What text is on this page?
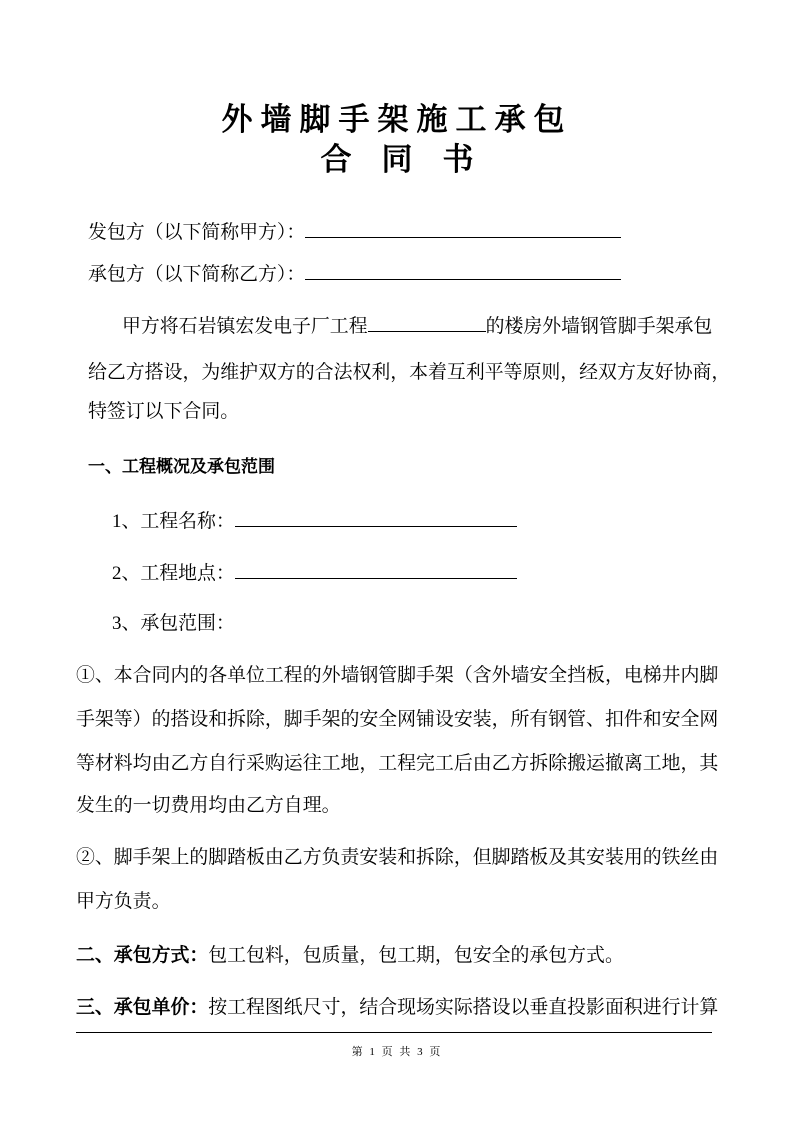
外墙脚手架施工承包
合同书
发包方（以下简称甲方）：
承包方（以下简称乙方）：
甲方将石岩镇宏发电子厂工程	的楼房外墙钢管脚手架承包
给乙方搭设，为维护双方的合法权利，本着互利平等原则，经双方友好协商，
特签订以下合同。
一、工程概况及承包范围
1、工程名称：
2、工程地点：
3、承包范围：
①、本合同内的各单位工程的外墙钢管脚手架（含外墙安全挡板，电梯井内脚
手架等）的搭设和拆除，脚手架的安全网铺设安装，所有钢管、扣件和安全网
等材料均由乙方自行采购运往工地，工程完工后由乙方拆除搬运撤离工地，其
发生的一切费用均由乙方自理。
②、脚手架上的脚踏板由乙方负责安装和拆除，但脚踏板及其安装用的铁丝由
甲方负责。
二、承包方式：包工包料，包质量，包工期，包安全的承包方式。
三、承包单价：按工程图纸尺寸，结合现场实际搭设以垂直投影面积进行计算
第 1 页 共 3 页
